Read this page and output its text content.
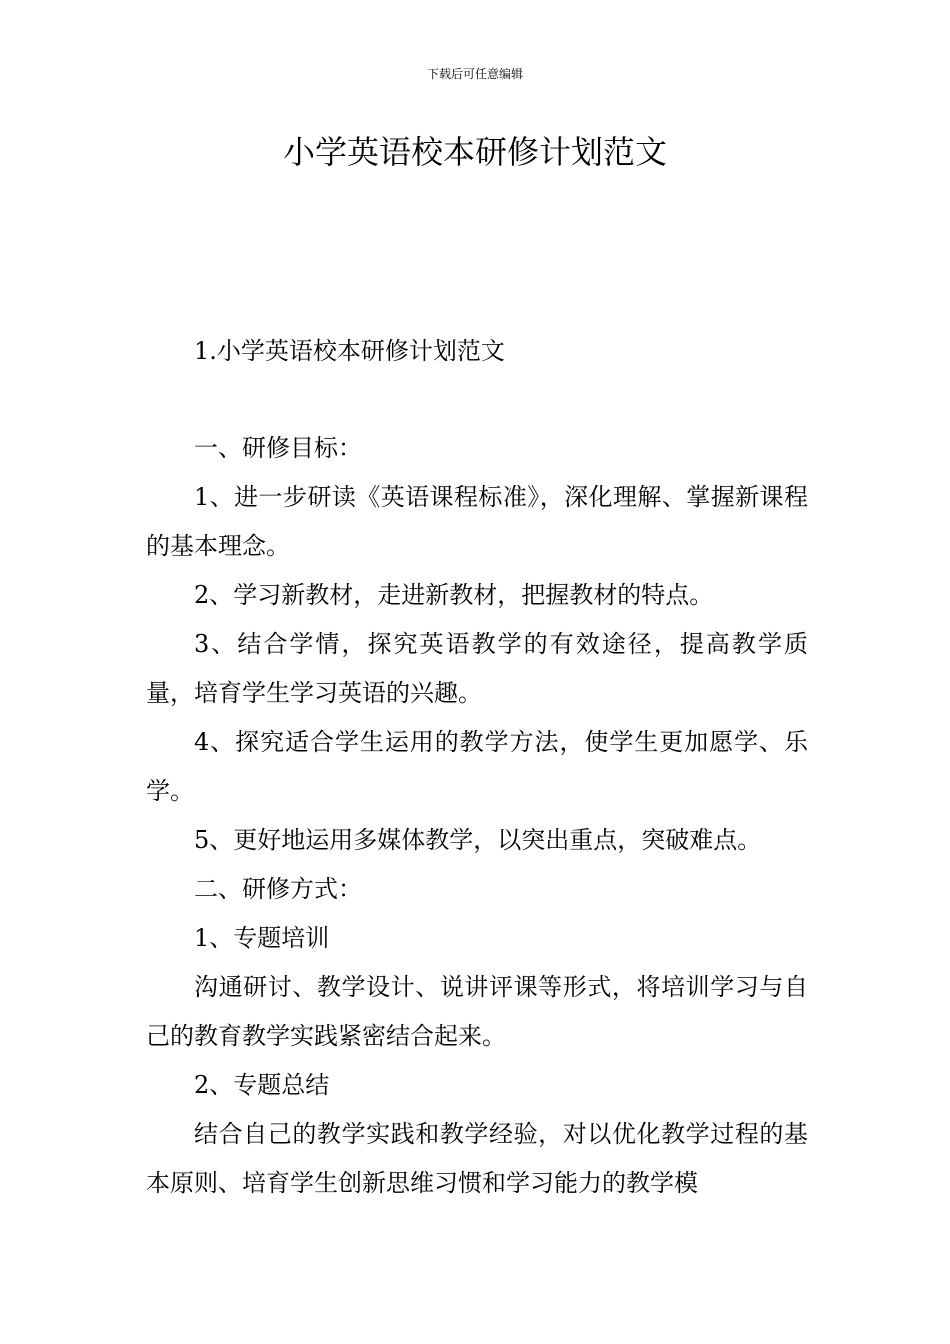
下载后可任意编辑
小学英语校本研修计划范文

1.小学英语校本研修计划范文

一、研修目标：

1、进一步研读《英语课程标准》，深化理解、掌握新课程的基本理念。

2、学习新教材，走进新教材，把握教材的特点。

3、结合学情，探究英语教学的有效途径，提高教学质量，培育学生学习英语的兴趣。

4、探究适合学生运用的教学方法，使学生更加愿学、乐学。

5、更好地运用多媒体教学，以突出重点，突破难点。

二、研修方式：

1、专题培训

沟通研讨、教学设计、说讲评课等形式，将培训学习与自己的教育教学实践紧密结合起来。

2、专题总结

结合自己的教学实践和教学经验，对以优化教学过程的基本原则、培育学生创新思维习惯和学习能力的教学模
